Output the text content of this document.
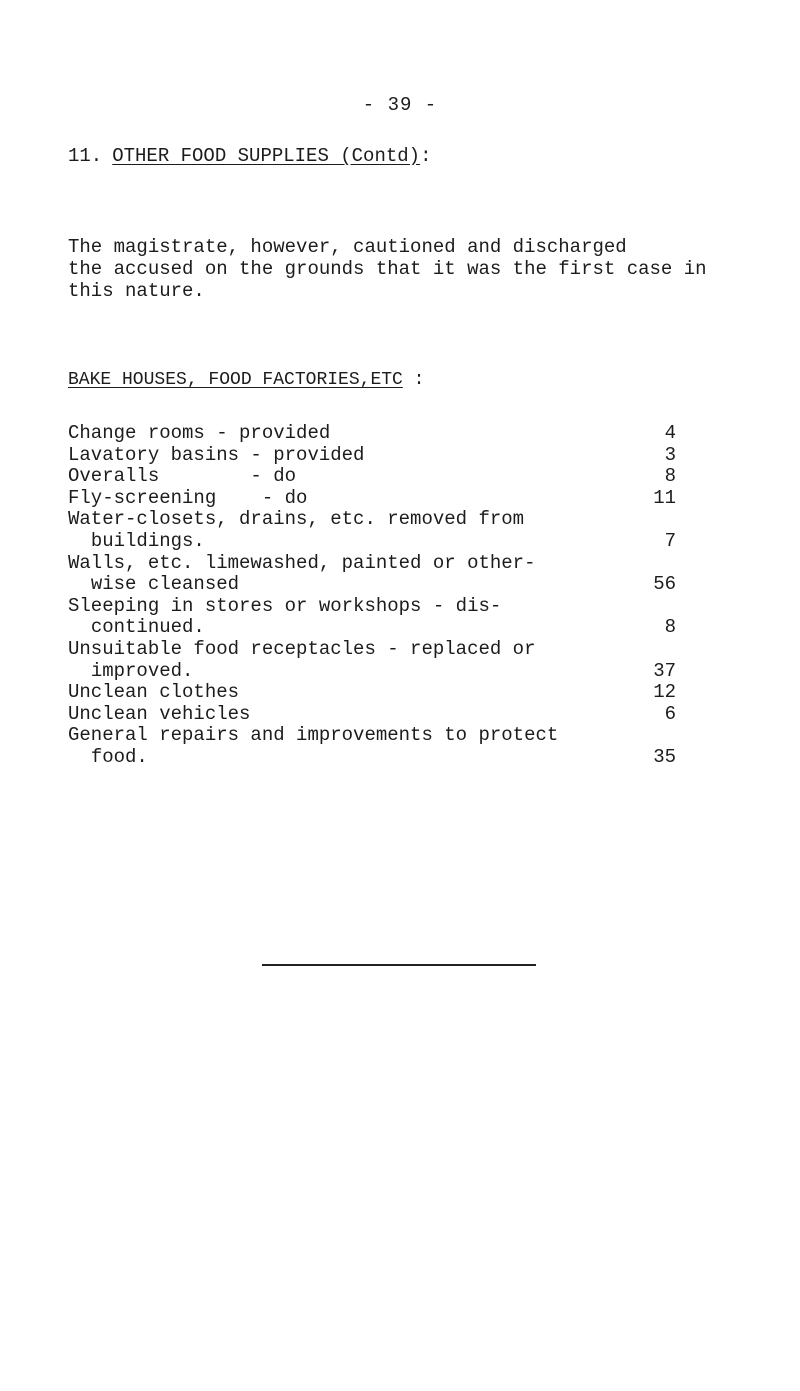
- 39 -
11. OTHER FOOD SUPPLIES (Contd):
The magistrate, however, cautioned and discharged
the accused on the grounds that it was the first case in
this nature.
BAKE HOUSES, FOOD FACTORIES,ETC :
Change rooms - provided	4
Lavatory basins - provided	3
Overalls        - do	8
Fly-screening    - do	11
Water-closets, drains, etc. removed from
buildings.	7
Walls, etc. limewashed, painted or other-
wise cleansed	56
Sleeping in stores or workshops - dis-
continued.	8
Unsuitable food receptacles - replaced or
improved.	37
Unclean clothes	12
Unclean vehicles	6
General repairs and improvements to protect
food.	35
